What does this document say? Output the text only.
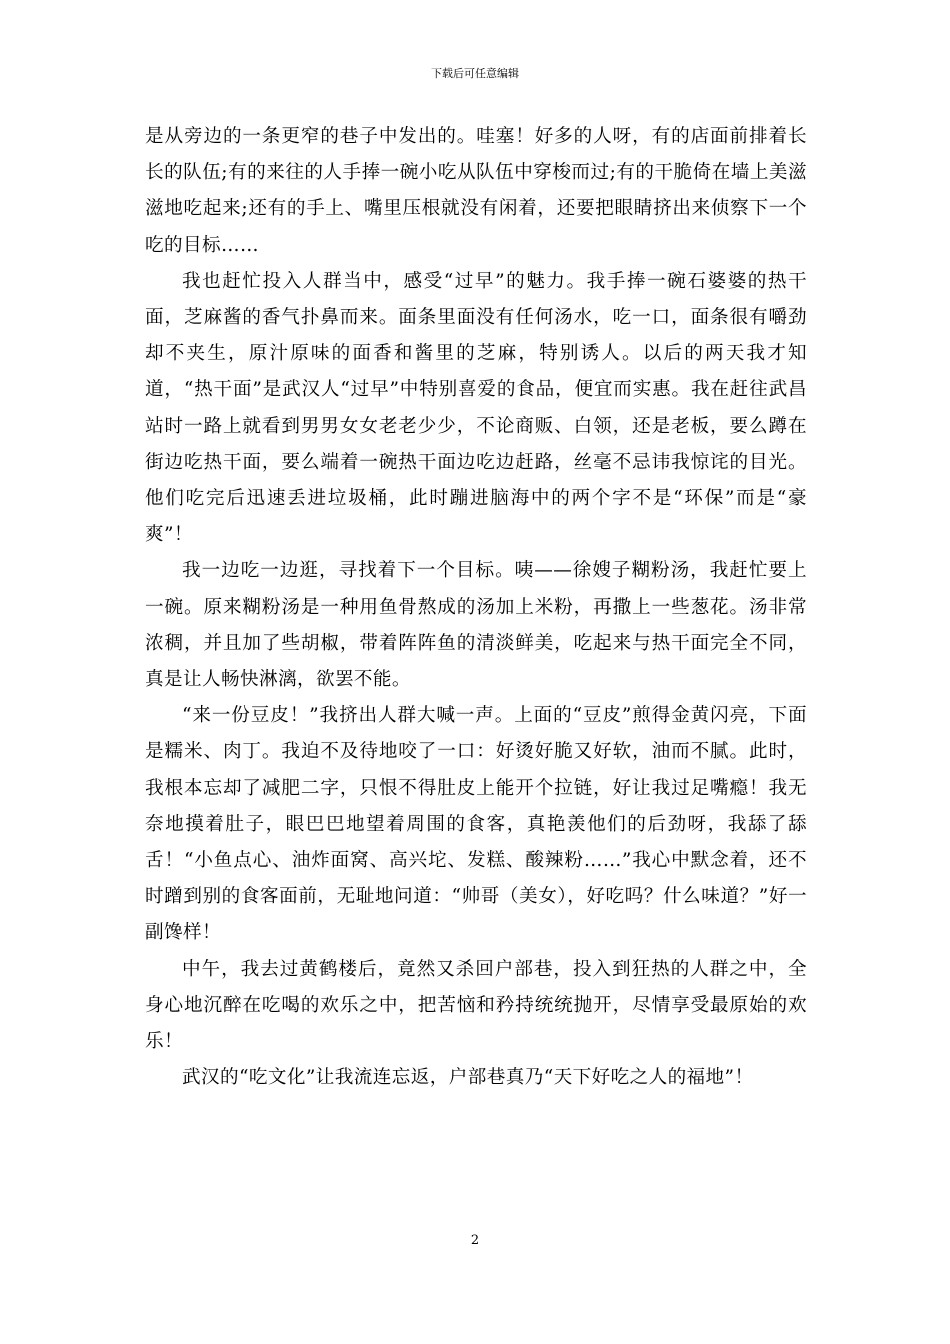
下载后可任意编辑

是从旁边的一条更窄的巷子中发出的。哇塞！好多的人呀，有的店面前排着长长的队伍;有的来往的人手捧一碗小吃从队伍中穿梭而过;有的干脆倚在墙上美滋滋地吃起来;还有的手上、嘴里压根就没有闲着，还要把眼睛挤出来侦察下一个吃的目标……

我也赶忙投入人群当中，感受“过早”的魅力。我手捧一碗石婆婆的热干面，芝麻酱的香气扑鼻而来。面条里面没有任何汤水，吃一口，面条很有嚼劲却不夹生，原汁原味的面香和酱里的芝麻，特别诱人。以后的两天我才知道，“热干面”是武汉人“过早”中特别喜爱的食品，便宜而实惠。我在赶往武昌站时一路上就看到男男女女老老少少，不论商贩、白领，还是老板，要么蹲在街边吃热干面，要么端着一碗热干面边吃边赶路，丝毫不忌讳我惊诧的目光。他们吃完后迅速丢进垃圾桶，此时蹦进脑海中的两个字不是“环保”而是“豪爽”！

我一边吃一边逛，寻找着下一个目标。咦——徐嫂子糊粉汤，我赶忙要上一碗。原来糊粉汤是一种用鱼骨熬成的汤加上米粉，再撒上一些葱花。汤非常浓稠，并且加了些胡椒，带着阵阵鱼的清淡鲜美，吃起来与热干面完全不同，真是让人畅快淋漓，欲罢不能。

“来一份豆皮！”我挤出人群大喊一声。上面的“豆皮”煎得金黄闪亮，下面是糯米、肉丁。我迫不及待地咬了一口：好烫好脆又好软，油而不腻。此时，我根本忘却了减肥二字，只恨不得肚皮上能开个拉链，好让我过足嘴瘾！我无奈地摸着肚子，眼巴巴地望着周围的食客，真艳羡他们的后劲呀，我舔了舔舌！“小鱼点心、油炸面窝、高兴坨、发糕、酸辣粉……”我心中默念着，还不时蹭到别的食客面前，无耻地问道：“帅哥（美女），好吃吗？什么味道？”好一副馋样！

中午，我去过黄鹤楼后，竟然又杀回户部巷，投入到狂热的人群之中，全身心地沉醉在吃喝的欢乐之中，把苦恼和矜持统统抛开，尽情享受最原始的欢乐！

武汉的“吃文化”让我流连忘返，户部巷真乃“天下好吃之人的福地”！

2
